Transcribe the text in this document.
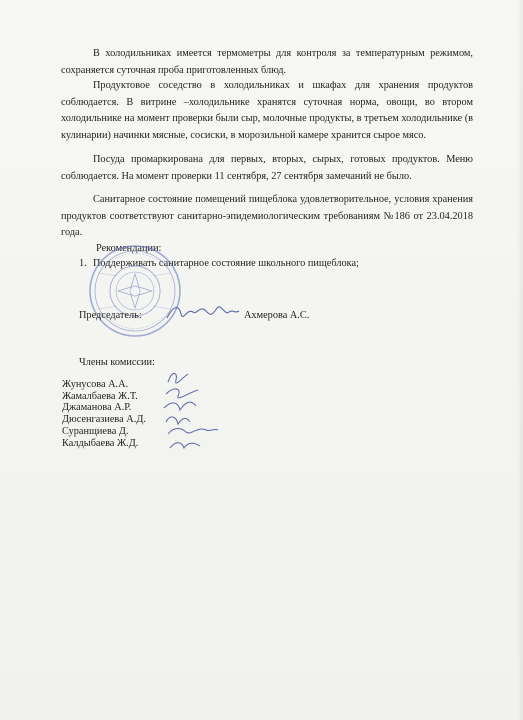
В холодильниках имеется термометры для контроля за температурным режимом, сохраняется суточная проба приготовленных блюд.

Продуктовое соседство в холодильниках и шкафах для хранения продуктов соблюдается. В витрине –холодильнике хранятся суточная норма, овощи, во втором холодильнике на момент проверки были сыр, молочные продукты, в третьем холодильнике (в кулинарии) начинки мясные, сосиски, в морозильной камере хранится сырое мясо.

Посуда промаркирована для первых, вторых, сырых, готовых продуктов. Меню соблюдается. На момент проверки 11 сентября, 27 сентября замечаний не было.

Санитарное состояние помещений пищеблока удовлетворительное, условия хранения продуктов соответствуют санитарно-эпидемиологическим требованиям №186 от 23.04.2018 года.

Рекомендации:
1. Поддерживать санитарное состояние школьного пищеблока;
Председатель:	Ахмерова А.С.
Члены комиссии:
Жунусова А.А.
Жамалбаева Ж.Т.
Джаманова А.Р.
Дюсенгазиева А.Д.
Суранщиева Д.
Калдыбаева Ж.Д.
